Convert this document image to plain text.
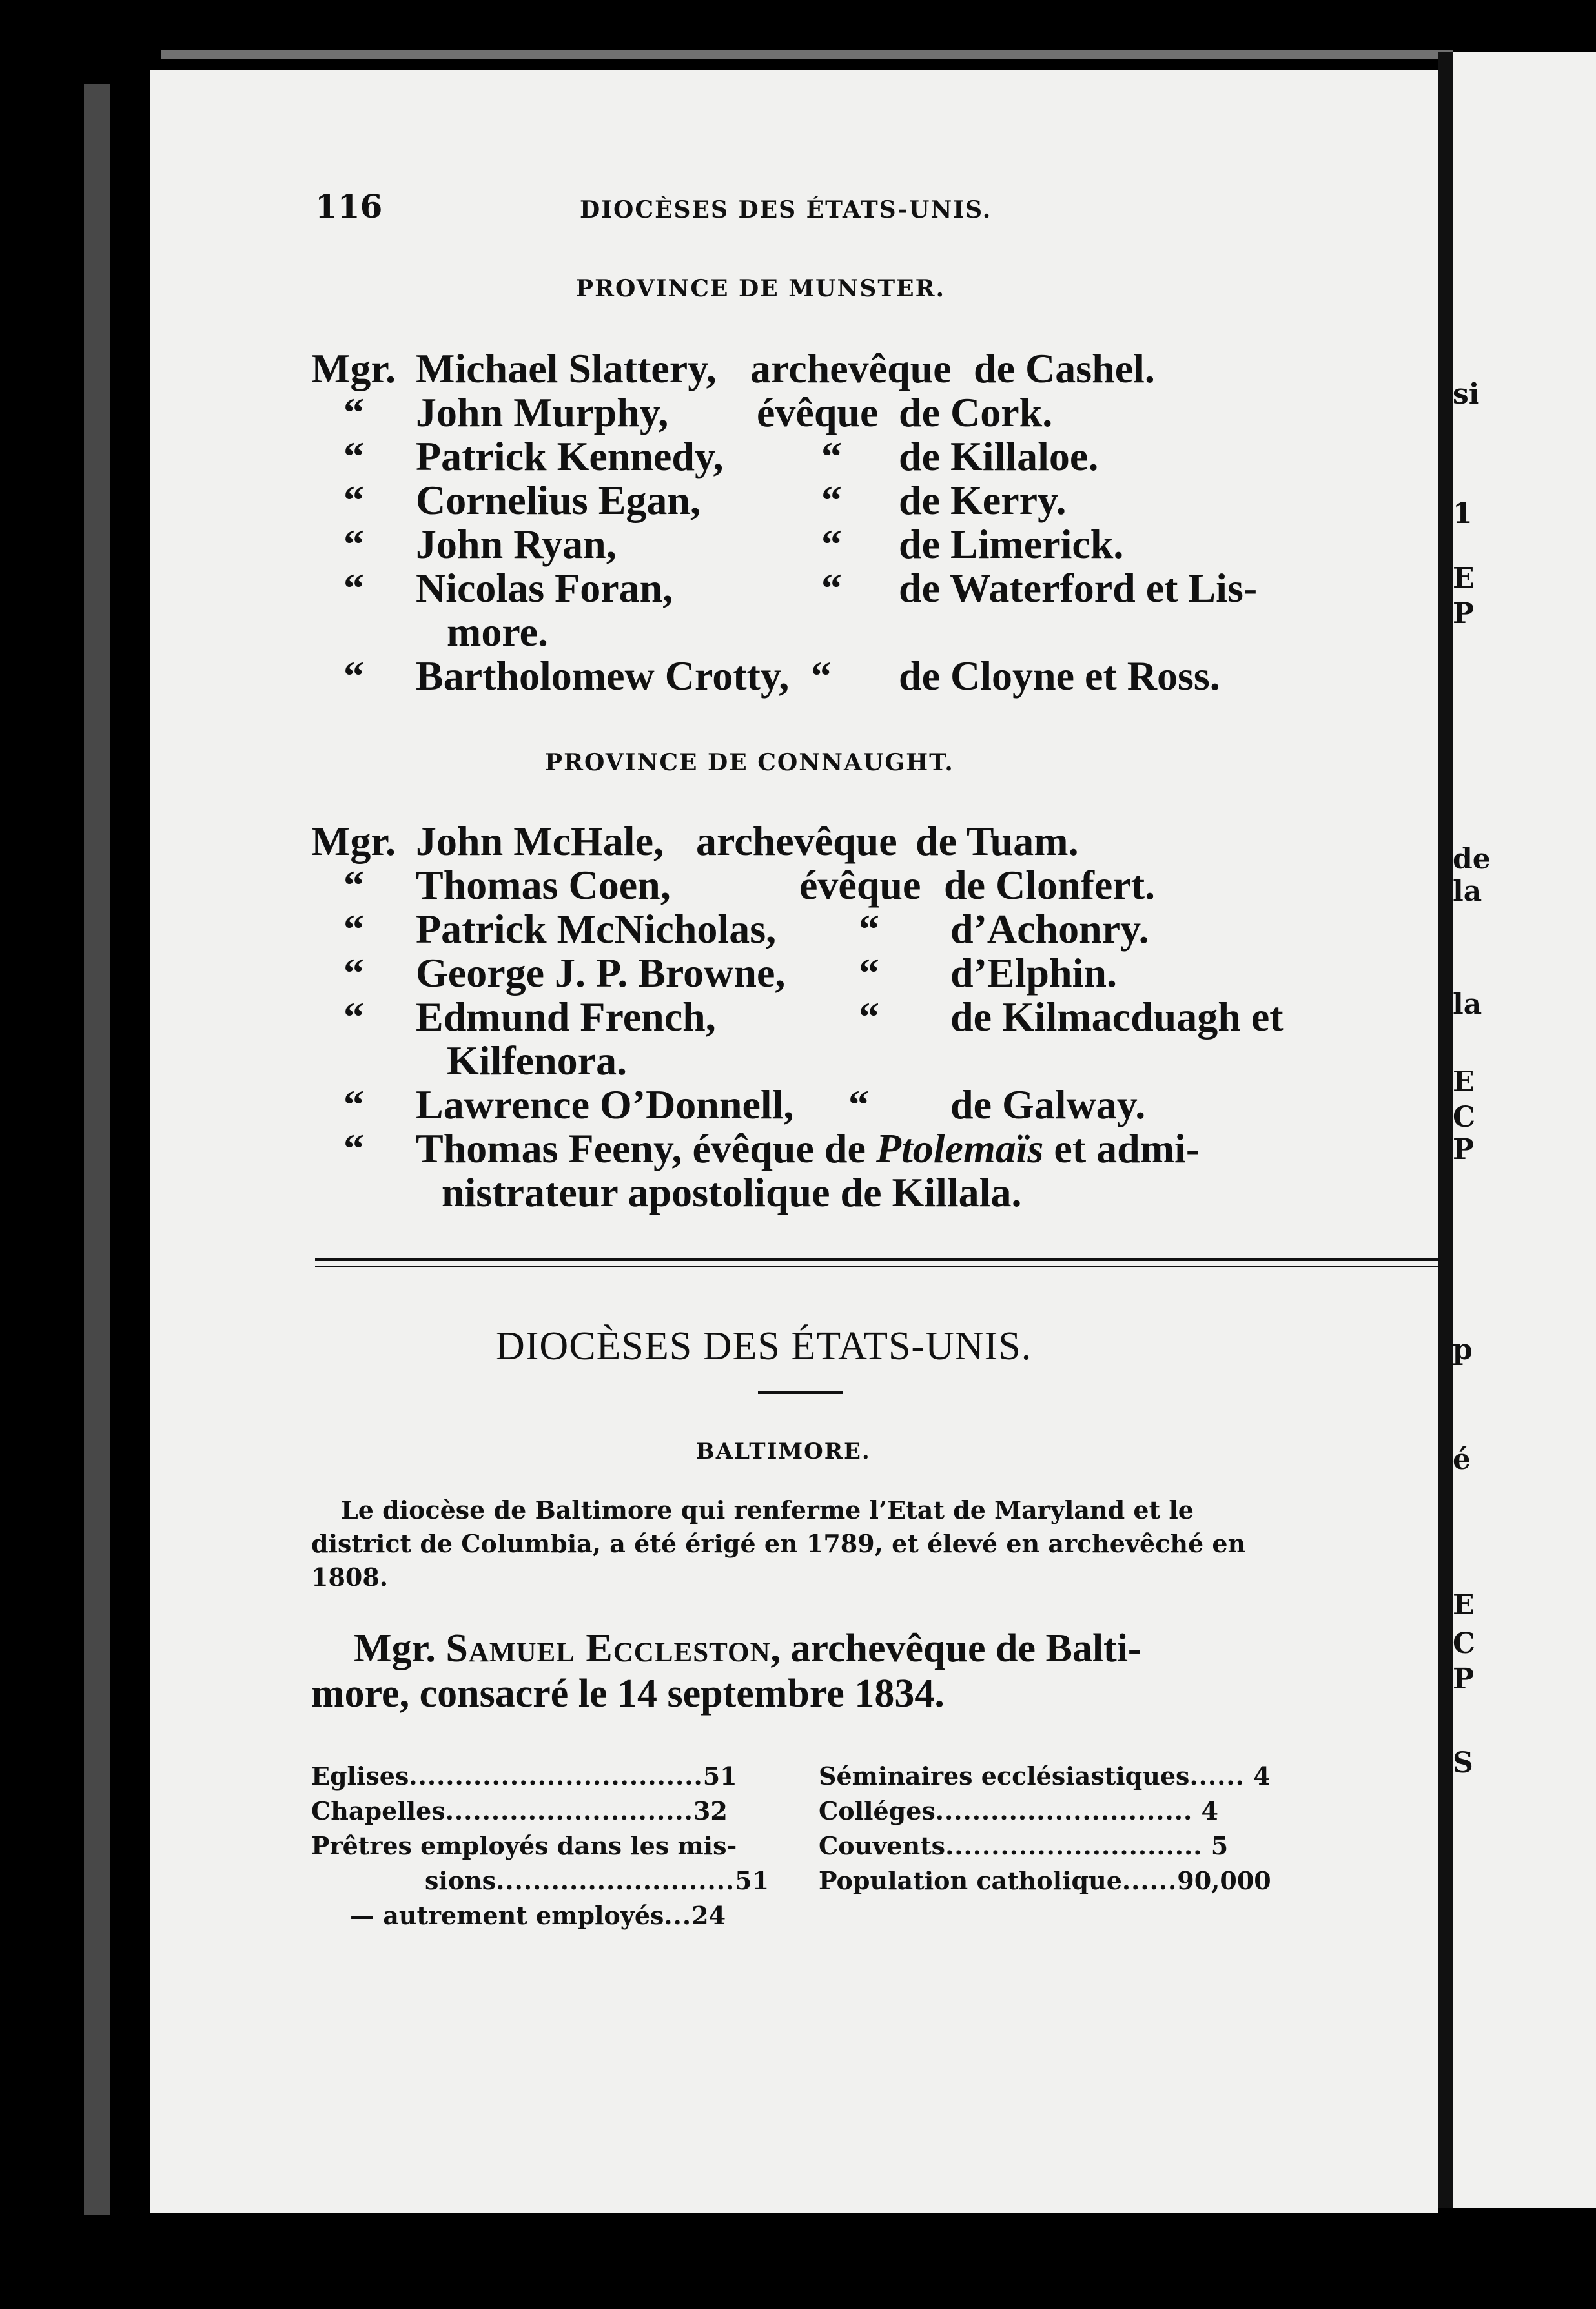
116	DIOCÈSES DES ÉTATS-UNIS.
PROVINCE DE MUNSTER.
Mgr. Michael Slattery, archevêque de Cashel.
“ John Murphy, évêque de Cork.
“ Patrick Kennedy, “ de Killaloe.
“ Cornelius Egan,	“ de Kerry.
“ John Ryan,	“ de Limerick.
“ Nicolas Foran,	“ de Waterford et Lis-
more.
“ Bartholomew Crotty, “ de Cloyne et Ross.
PROVINCE DE CONNAUGHT.
Mgr. John McHale, archevêque de Tuam.
“ Thomas Coen,	évêque de Clonfert.
“ Patrick McNicholas, “ d’Achonry.
“ George J. P. Browne, “ d’Elphin.
“ Edmund French,	“ de Kilmacduagh et
Kilfenora.
“ Lawrence O’Donnell, “ de Galway.
“ Thomas Feeny, évêque de Ptolemaïs et admi-
nistrateur apostolique de Killala.
DIOCÈSES DES ÉTATS-UNIS.
BALTIMORE.
Le diocèse de Baltimore qui renferme l’Etat de Maryland et le
district de Columbia, a été érigé en 1789, et élevé en archevêché en
1808.
Mgr. Samuel Eccleston, archevêque de Balti-
more, consacré le 14 septembre 1834.
Eglises................................51
Chapelles...........................32
Prêtres employés dans les mis-
sions..........................51
— autrement employés...24
Séminaires ecclésiastiques...... 4
Colléges............................ 4
Couvents............................ 5
Population catholique......90,000
si
1
E
P
de
la
la
E
C
P
p
é
E
C
P
S
